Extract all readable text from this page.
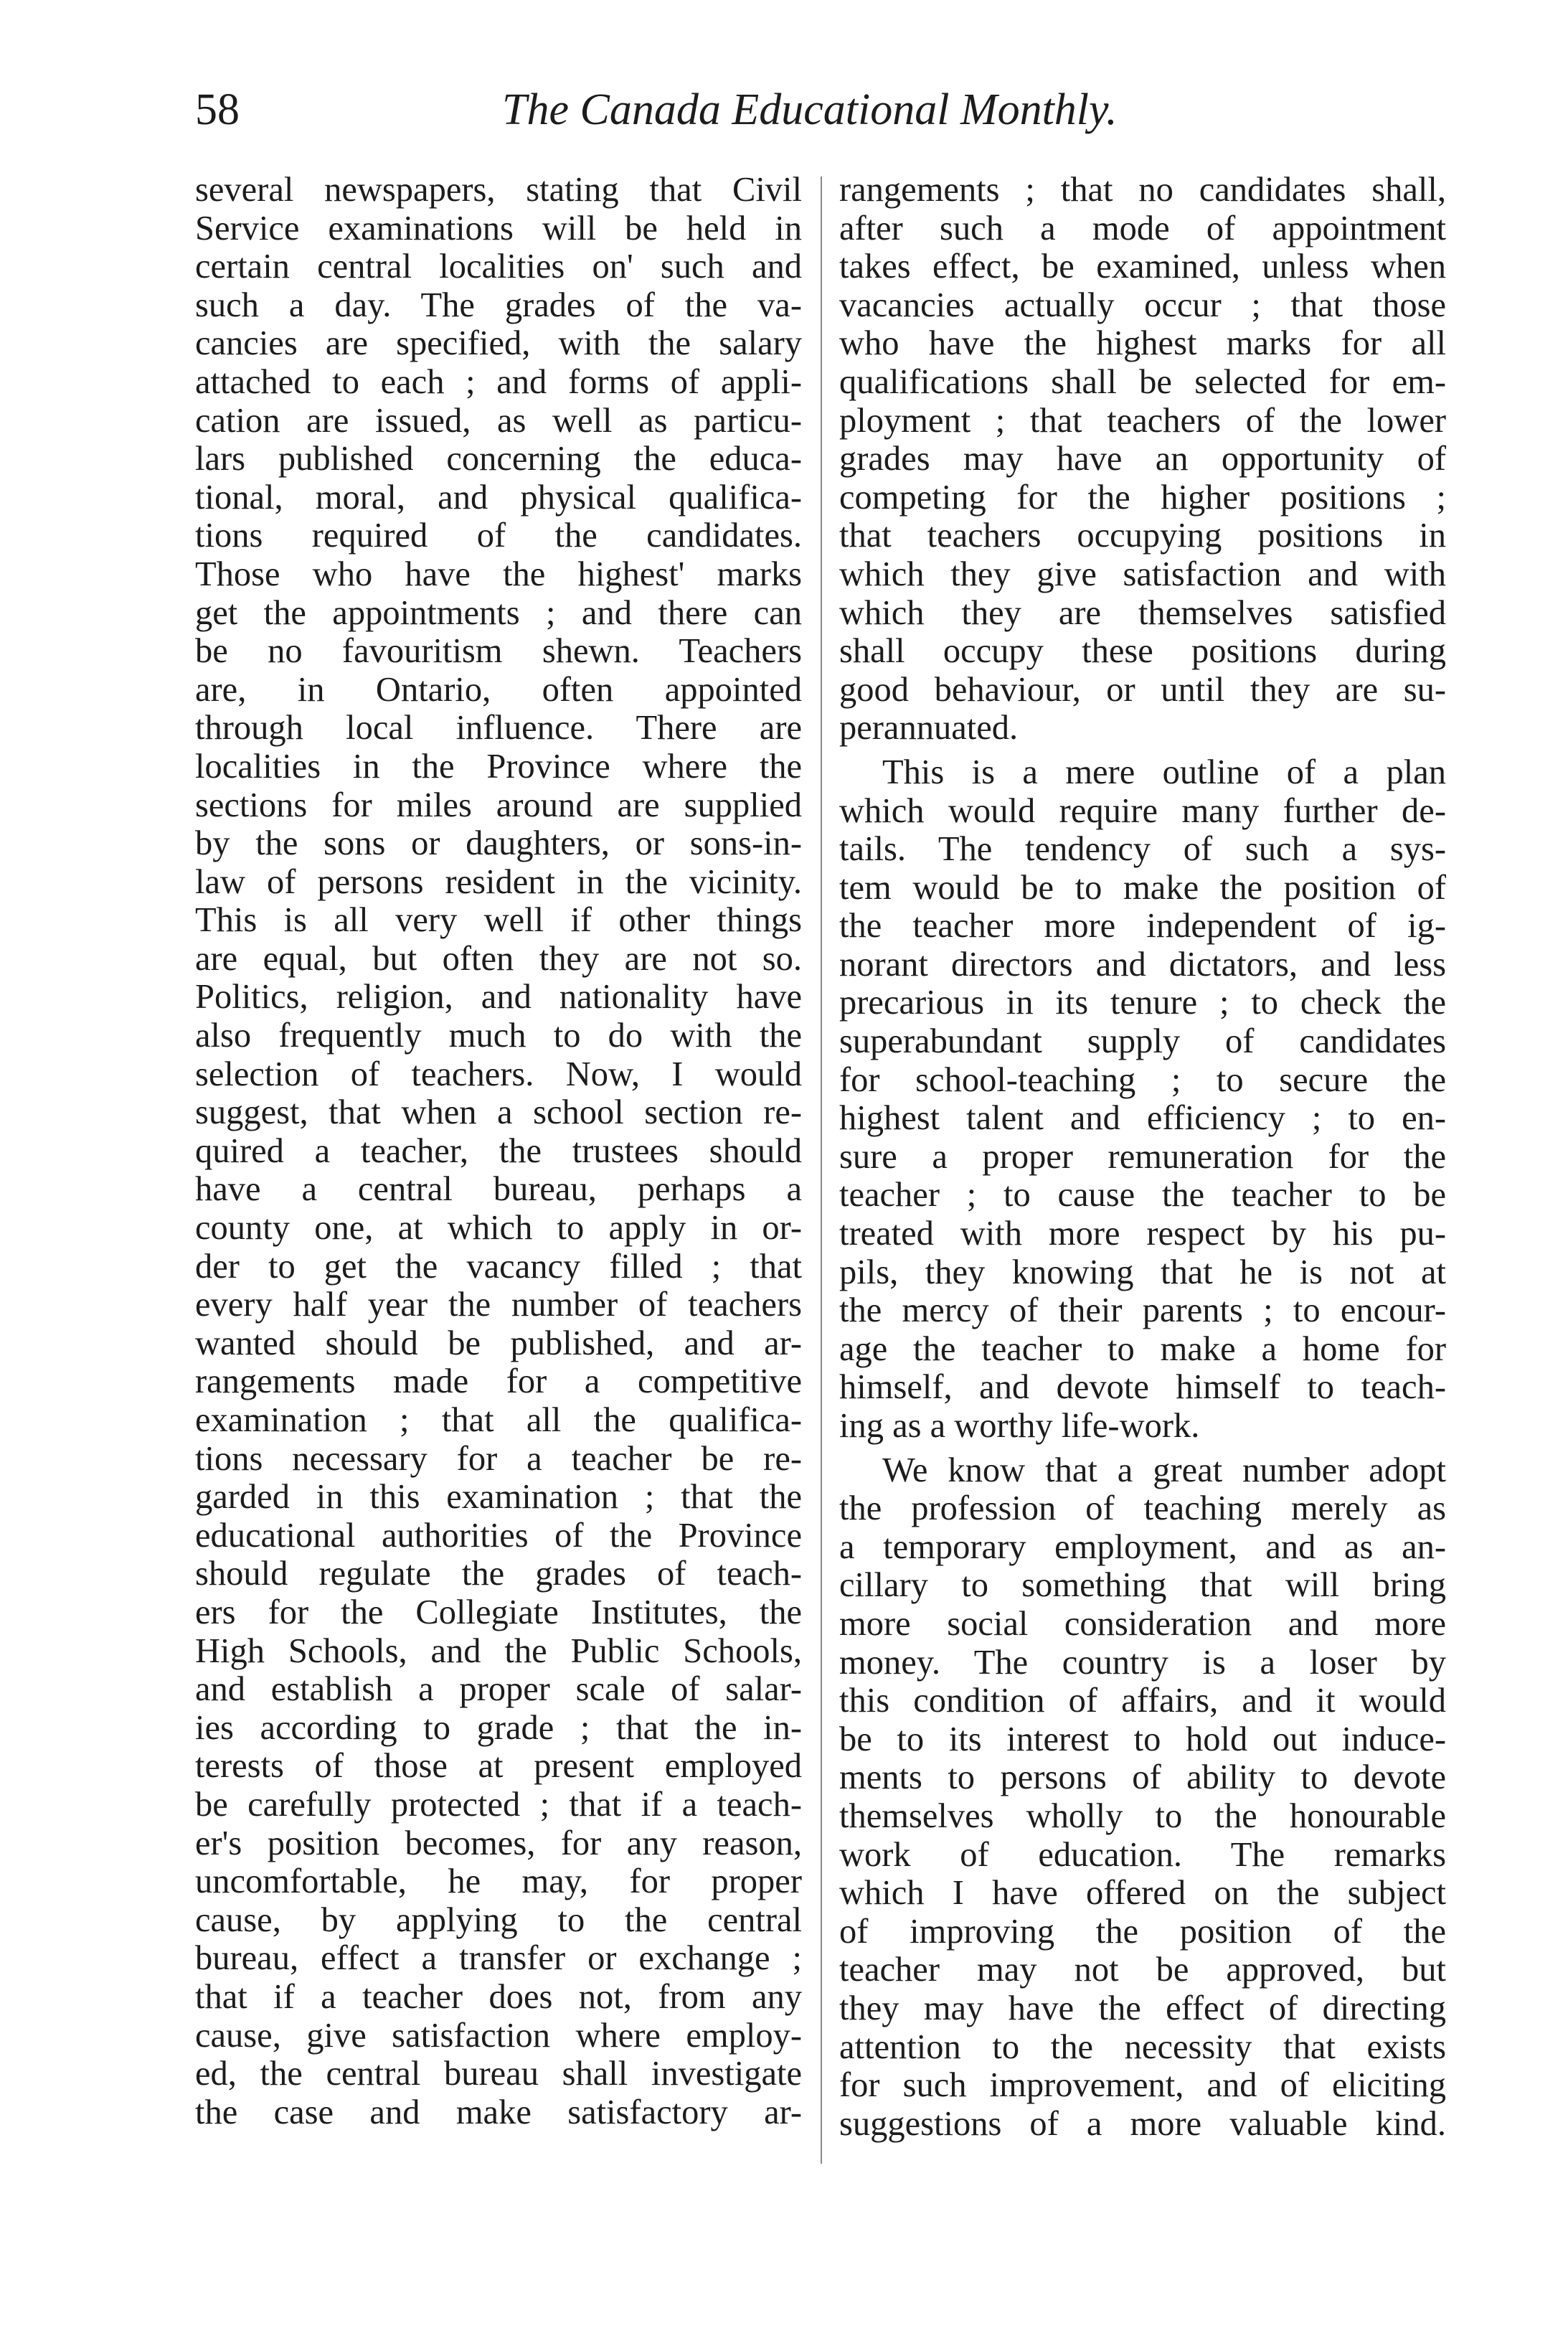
58	The Canada Educational Monthly.
several newspapers, stating that Civil
Service examinations will be held in
certain central localities on' such and
such a day. The grades of the va-
cancies are specified, with the salary
attached to each ; and forms of appli-
cation are issued, as well as particu-
lars published concerning the educa-
tional, moral, and physical qualifica-
tions required of the candidates.
Those who have the highest' marks
get the appointments ; and there can
be no favouritism shewn. Teachers
are, in Ontario, often appointed
through local influence. There are
localities in the Province where the
sections for miles around are supplied
by the sons or daughters, or sons-in-
law of persons resident in the vicinity.
This is all very well if other things
are equal, but often they are not so.
Politics, religion, and nationality have
also frequently much to do with the
selection of teachers. Now, I would
suggest, that when a school section re-
quired a teacher, the trustees should
have a central bureau, perhaps a
county one, at which to apply in or-
der to get the vacancy filled ; that
every half year the number of teachers
wanted should be published, and ar-
rangements made for a competitive
examination ; that all the qualifica-
tions necessary for a teacher be re-
garded in this examination ; that the
educational authorities of the Province
should regulate the grades of teach-
ers for the Collegiate Institutes, the
High Schools, and the Public Schools,
and establish a proper scale of salar-
ies according to grade ; that the in-
terests of those at present employed
be carefully protected ; that if a teach-
er's position becomes, for any reason,
uncomfortable, he may, for proper
cause, by applying to the central
bureau, effect a transfer or exchange ;
that if a teacher does not, from any
cause, give satisfaction where employ-
ed, the central bureau shall investigate
the case and make satisfactory ar-
rangements ; that no candidates shall,
after such a mode of appointment
takes effect, be examined, unless when
vacancies actually occur ; that those
who have the highest marks for all
qualifications shall be selected for em-
ployment ; that teachers of the lower
grades may have an opportunity of
competing for the higher positions ;
that teachers occupying positions in
which they give satisfaction and with
which they are themselves satisfied
shall occupy these positions during
good behaviour, or until they are su-
perannuated.
This is a mere outline of a plan
which would require many further de-
tails. The tendency of such a sys-
tem would be to make the position of
the teacher more independent of ig-
norant directors and dictators, and less
precarious in its tenure ; to check the
superabundant supply of candidates
for school-teaching ; to secure the
highest talent and efficiency ; to en-
sure a proper remuneration for the
teacher ; to cause the teacher to be
treated with more respect by his pu-
pils, they knowing that he is not at
the mercy of their parents ; to encour-
age the teacher to make a home for
himself, and devote himself to teach-
ing as a worthy life-work.
We know that a great number adopt
the profession of teaching merely as
a temporary employment, and as an-
cillary to something that will bring
more social consideration and more
money. The country is a loser by
this condition of affairs, and it would
be to its interest to hold out induce-
ments to persons of ability to devote
themselves wholly to the honourable
work of education. The remarks
which I have offered on the subject
of improving the position of the
teacher may not be approved, but
they may have the effect of directing
attention to the necessity that exists
for such improvement, and of eliciting
suggestions of a more valuable kind.
